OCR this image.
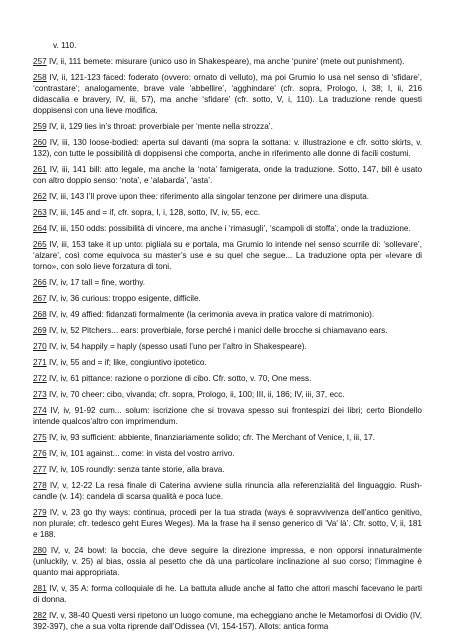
v. 110.
257 IV, ii, 111 bemete: misurare (unico uso in Shakespeare), ma anche ‘punire’ (mete out punishment).
258 IV, ii, 121-123 faced: foderato (ovvero: ornato di velluto), ma poi Grumio lo usa nel senso di ‘sfidare’, ‘contrastare’; analogamente, brave vale ‘abbellire’, ‘agghindare’ (cfr. sopra, Prologo, i, 38; I, ii, 216 didascalia e bravery, IV, iii, 57), ma anche ‘sfidare’ (cfr. sotto, V, i, 110). La traduzione rende questi doppisensi con una lieve modifica.
259 IV, ii, 129 lies in’s throat: proverbiale per ‘mente nella strozza’.
260 IV, iii, 130 loose-bodied: aperta sul davanti (ma sopra la sottana: v. illustrazione e cfr. sotto skirts, v. 132), con tutte le possibilità di doppisensi che comporta, anche in riferimento alle donne di facili costumi.
261 IV, iii, 141 bill: atto legale, ma anche la ‘nota’ famigerata, onde la traduzione. Sotto, 147, bill è usato con altro doppio senso: ‘nota’, e ‘alabarda’, ‘asta’.
262 IV, iii, 143 I’ll prove upon thee: riferimento alla singolar tenzone per dirimere una disputa.
263 IV, iii, 145 and = if, cfr. sopra, I, i, 128, sotto, IV, iv, 55, ecc.
264 IV, iii, 150 odds: possibilità di vincere, ma anche i ‘rimasugli’, ‘scampoli di stoffa’, onde la traduzione.
265 IV, iii, 153 take it up unto: pigliala su e portala, ma Grumio lo intende nel senso scurrile di: ‘sollevare’, ‘alzare’, così come equivoca su master’s use e su quel che segue... La traduzione opta per «levare di torno», con solo lieve forzatura di toni.
266 IV, iv, 17 tall = fine, worthy.
267 IV, iv, 36 curious: troppo esigente, difficile.
268 IV, iv, 49 affied: fidanzati formalmente (la cerimonia aveva in pratica valore di matrimonio).
269 IV, iv, 52 Pitchers... ears: proverbiale, forse perché i manici delle brocche si chiamavano ears.
270 IV, iv, 54 happily = haply (spesso usati l’uno per l’altro in Shakespeare).
271 IV, iv, 55 and = if; like, congiuntivo ipotetico.
272 IV, iv, 61 pittance: razione o porzione di cibo. Cfr. sotto, v. 70, One mess.
273 IV, iv, 70 cheer: cibo, vivanda; cfr. sopra, Prologo, ii, 100; III, ii, 186; IV, iii, 37, ecc.
274 IV, iv, 91-92 cum... solum: iscrizione che si trovava spesso sui frontespizi dei libri; certo Biondello intende qualcos’altro con imprimendum.
275 IV, iv, 93 sufficient: abbiente, finanziariamente solido; cfr. The Merchant of Venice, I, iii, 17.
276 IV, iv, 101 against... come: in vista del vostro arrivo.
277 IV, iv, 105 roundly: senza tante storie, alla brava.
278 IV, v, 12-22 La resa finale di Caterina avviene sulla rinuncia alla referenzialità del linguaggio. Rush-candle (v. 14): candela di scarsa qualità e poca luce.
279 IV, v, 23 go thy ways: continua, procedi per la tua strada (ways è sopravvivenza dell’antico genitivo, non plurale; cfr. tedesco geht Eures Weges). Ma la frase ha il senso generico di ‘Va’ là’. Cfr. sotto, V, ii, 181 e 188.
280 IV, v, 24 bowl: la boccia, che deve seguire la direzione impressa, e non opporsi innaturalmente (unluckily, v. 25) al bias, ossia al pesetto che dà una particolare inclinazione al suo corso; l’immagine è quanto mai appropriata.
281 IV, v, 35 A: forma colloquiale di he. La battuta allude anche al fatto che attori maschi facevano le parti di donna.
282 IV, v, 38-40 Questi versi ripetono un luogo comune, ma echeggiano anche le Metamorfosi di Ovidio (IV, 392-397), che a sua volta riprende dall’Odissea (VI, 154-157). Allots: antica forma
